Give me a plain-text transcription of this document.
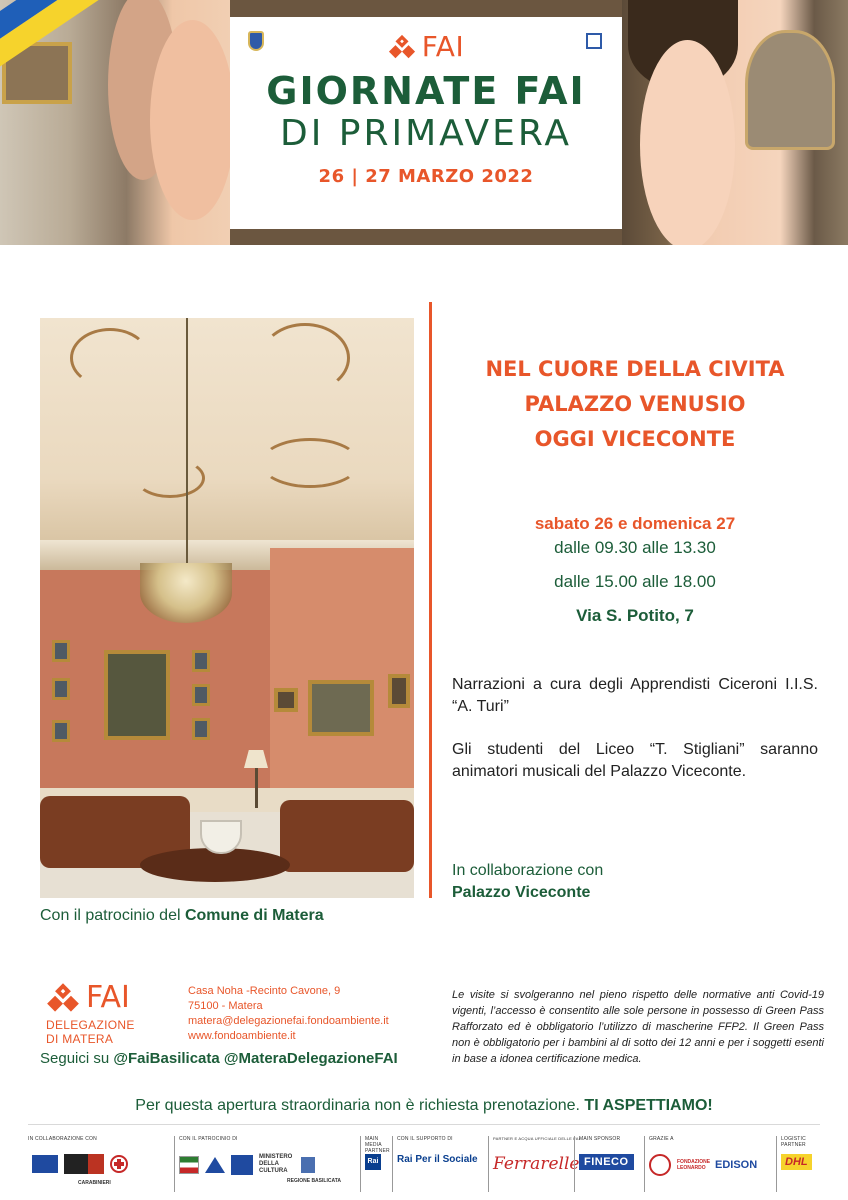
FAI
GIORNATE FAI
DI PRIMAVERA
26 | 27 MARZO 2022
Con il patrocinio del Comune di Matera
NEL CUORE DELLA CIVITA
PALAZZO VENUSIO
OGGI VICECONTE
sabato 26 e domenica 27
dalle 09.30 alle 13.30
dalle 15.00 alle 18.00
Via S. Potito, 7
Narrazioni a cura degli Apprendisti Ciceroni I.I.S. “A. Turi”
Gli studenti del Liceo “T. Stigliani” saranno animatori musicali del Palazzo Viceconte.
In collaborazione con
Palazzo Viceconte
FAI
DELEGAZIONE
DI MATERA
Casa Noha -Recinto Cavone, 9
75100 - Matera
matera@delegazionefai.fondoambiente.it
www.fondoambiente.it
Seguici su @FaiBasilicata @MateraDelegazioneFAI
Le visite si svolgeranno nel pieno rispetto delle normative anti Covid-19 vigenti, l’accesso è consentito alle sole persone in possesso di Green Pass Rafforzato ed è obbligatorio l’utilizzo di mascherine FFP2. Il Green Pass non è obbligatorio per i bambini al di sotto dei 12 anni e per i soggetti esenti in base a idonea certificazione medica.
Per questa apertura straordinaria non è richiesta prenotazione. TI ASPETTIAMO!
IN COLLABORAZIONE CON
CARABINIERI
CON IL PATROCINIO DI
MINISTERO DELLA CULTURA
REGIONE BASILICATA
MAIN MEDIA PARTNER
Rai
CON IL SUPPORTO DI
Rai Per il Sociale
PARTNER E ACQUA UFFICIALE DELLE FAI
Ferrarelle
MAIN SPONSOR
FINECO
GRAZIE A
FONDAZIONE LEONARDO EDISON
LOGISTIC PARTNER
DHL
